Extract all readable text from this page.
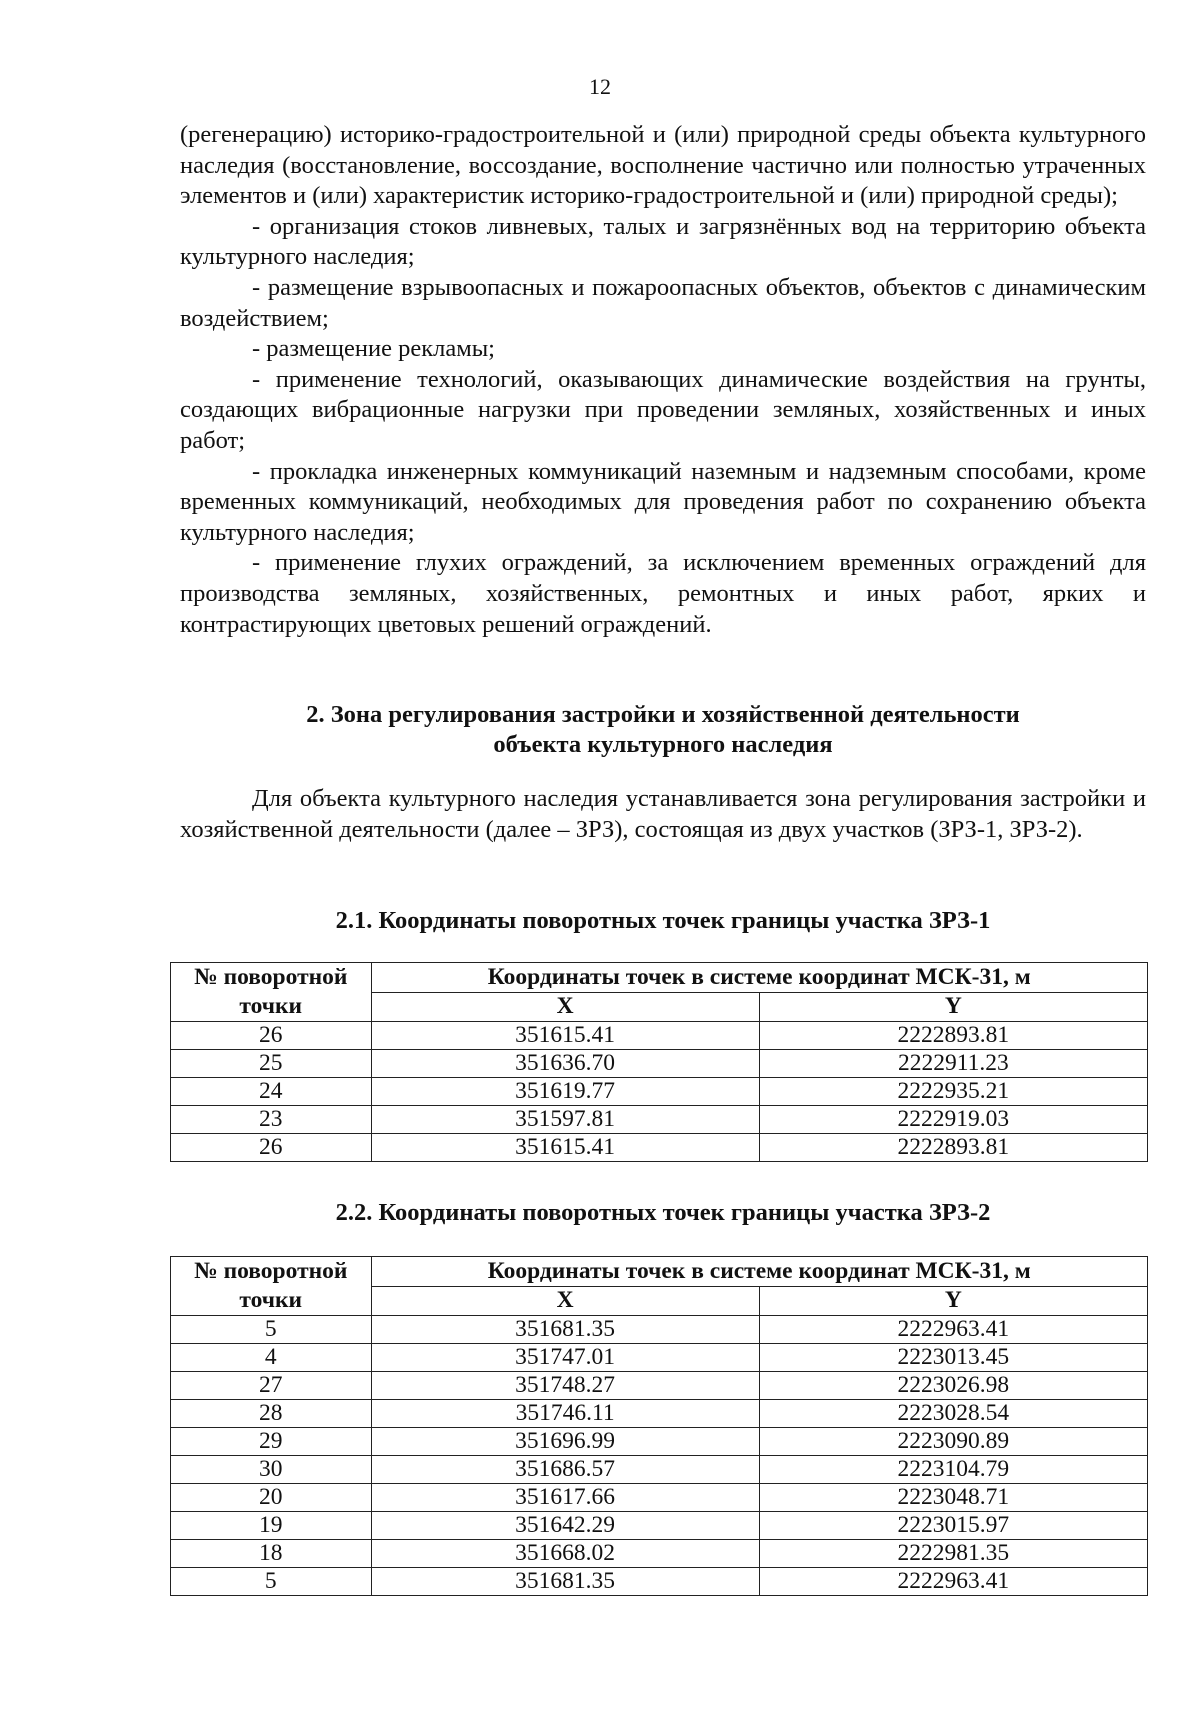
12

(регенерацию) историко-градостроительной и (или) природной среды объекта культурного наследия (восстановление, воссоздание, восполнение частично или полностью утраченных элементов и (или) характеристик историко-градостроительной и (или) природной среды);

- организация стоков ливневых, талых и загрязнённых вод на территорию объекта культурного наследия;

- размещение взрывоопасных и пожароопасных объектов, объектов с динамическим воздействием;

- размещение рекламы;

- применение технологий, оказывающих динамические воздействия на грунты, создающих вибрационные нагрузки при проведении земляных, хозяйственных и иных работ;

- прокладка инженерных коммуникаций наземным и надземным способами, кроме временных коммуникаций, необходимых для проведения работ по сохранению объекта культурного наследия;

- применение глухих ограждений, за исключением временных ограждений для производства земляных, хозяйственных, ремонтных и иных работ, ярких и контрастирующих цветовых решений ограждений.

2. Зона регулирования застройки и хозяйственной деятельности
объекта культурного наследия

Для объекта культурного наследия устанавливается зона регулирования застройки и хозяйственной деятельности (далее – ЗРЗ), состоящая из двух участков (ЗРЗ-1, ЗРЗ-2).

2.1. Координаты поворотных точек границы участка ЗРЗ-1
№ поворотной точки	Координаты точек в системе координат МСК-31, м	
	X	Y
26	351615.41	2222893.81
25	351636.70	2222911.23
24	351619.77	2222935.21
23	351597.81	2222919.03
26	351615.41	2222893.81
2.2. Координаты поворотных точек границы участка ЗРЗ-2
№ поворотной точки	Координаты точек в системе координат МСК-31, м	
	X	Y
5	351681.35	2222963.41
4	351747.01	2223013.45
27	351748.27	2223026.98
28	351746.11	2223028.54
29	351696.99	2223090.89
30	351686.57	2223104.79
20	351617.66	2223048.71
19	351642.29	2223015.97
18	351668.02	2222981.35
5	351681.35	2222963.41
